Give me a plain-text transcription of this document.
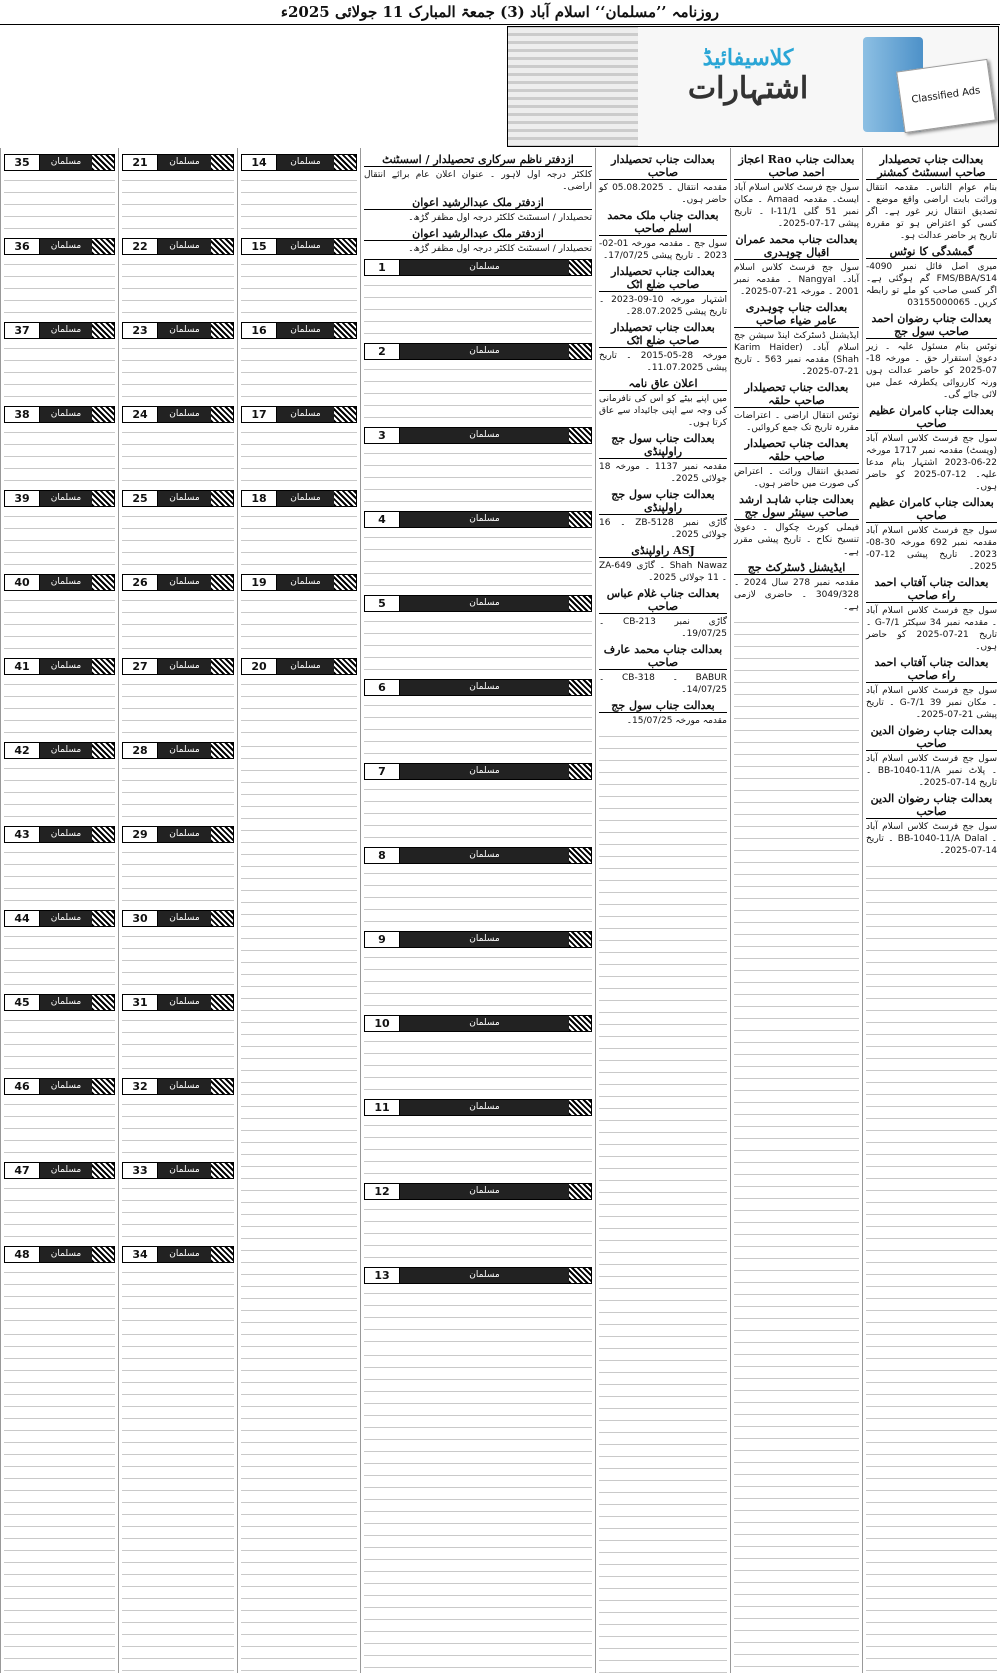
روزنامہ ’’مسلمان‘‘ اسلام آباد (3) جمعۃ المبارک 11 جولائی 2025ء
کلاسیفائیڈ
اشتہارات	Classified Ads
بعدالت جناب تحصیلدار صاحب اسسٹنٹ کمشنر
بنام عوام الناس۔ مقدمہ انتقال وراثت بابت اراضی واقع موضع ۔ تصدیق انتقال زیر غور ہے۔ اگر کسی کو اعتراض ہو تو مقررہ تاریخ پر حاضر عدالت ہو۔
گمشدگی کا نوٹس
میری اصل فائل نمبر 4090-FMS/BBA/S14 گم ہوگئی ہے۔ اگر کسی صاحب کو ملے تو رابطہ کریں۔ 03155000065
بعدالت جناب رضوان احمد صاحب سول جج
نوٹس بنام مسئول علیہ ۔ زیر دعویٰ استقرار حق ۔ مورخہ 18-07-2025 کو حاضر عدالت ہوں ورنہ کارروائی یکطرفہ عمل میں لائی جائے گی۔
بعدالت جناب کامران عظیم صاحب
سول جج فرسٹ کلاس اسلام آباد (ویسٹ) مقدمہ نمبر 1717 مورخہ 22-06-2023 اشتہار بنام مدعا علیہ۔ 12-07-2025 کو حاضر ہوں۔
بعدالت جناب کامران عظیم صاحب
سول جج فرسٹ کلاس اسلام آباد مقدمہ نمبر 692 مورخہ 30-08-2023۔ تاریخ پیشی 12-07-2025۔
بعدالت جناب آفتاب احمد راء صاحب
سول جج فرسٹ کلاس اسلام آباد ۔ مقدمہ نمبر 34 سیکٹر G-7/1 ۔ تاریخ 21-07-2025 کو حاضر ہوں۔
بعدالت جناب آفتاب احمد راء صاحب
سول جج فرسٹ کلاس اسلام آباد ۔ مکان نمبر 39 G-7/1 ۔ تاریخ پیشی 21-07-2025۔
بعدالت جناب رضوان الدین صاحب
سول جج فرسٹ کلاس اسلام آباد ۔ پلاٹ نمبر BB-1040-11/A ۔ تاریخ 14-07-2025۔
بعدالت جناب رضوان الدین صاحب
سول جج فرسٹ کلاس اسلام آباد ۔ BB-1040-11/A Dalal ۔ تاریخ 14-07-2025۔
بعدالت جناب Rao اعجاز احمد صاحب
سول جج فرسٹ کلاس اسلام آباد ایسٹ۔ مقدمہ Amaad ۔ مکان نمبر 51 گلی 11/1-I ۔ تاریخ پیشی 17-07-2025۔
بعدالت جناب محمد عمران اقبال چوہدری
سول جج فرسٹ کلاس اسلام آباد۔ Nangyal ۔ مقدمہ نمبر 2001 ۔ مورخہ 21-07-2025۔
بعدالت جناب چوہدری عامر ضیاء صاحب
ایڈیشنل ڈسٹرکٹ اینڈ سیشن جج اسلام آباد۔ (Karim Haider Shah) مقدمہ نمبر 563 ۔ تاریخ 21-07-2025۔
بعدالت جناب تحصیلدار صاحب حلقہ
نوٹس انتقال اراضی ۔ اعتراضات مقررہ تاریخ تک جمع کروائیں۔
بعدالت جناب تحصیلدار صاحب حلقہ
تصدیق انتقال وراثت ۔ اعتراض کی صورت میں حاضر ہوں۔
بعدالت جناب شاہد ارشد صاحب سینئر سول جج
فیملی کورٹ چکوال ۔ دعویٰ تنسیخ نکاح ۔ تاریخ پیشی مقرر ہے۔
ایڈیشنل ڈسٹرکٹ جج
مقدمہ نمبر 278 سال 2024 ۔ 3049/328 ۔ حاضری لازمی ہے۔
بعدالت جناب تحصیلدار صاحب
مقدمہ انتقال ۔ 05.08.2025 کو حاضر ہوں۔
بعدالت جناب ملک محمد اسلم صاحب
سول جج ۔ مقدمہ مورخہ 01-02-2023 ۔ تاریخ پیشی 17/07/25۔
بعدالت جناب تحصیلدار صاحب ضلع اٹک
اشتہار مورخہ 10-09-2023 ۔ تاریخ پیشی 28.07.2025۔
بعدالت جناب تحصیلدار صاحب ضلع اٹک
مورخہ 28-05-2015 ۔ تاریخ پیشی 11.07.2025۔
اعلان عاق نامہ
میں اپنے بیٹے کو اس کی نافرمانی کی وجہ سے اپنی جائیداد سے عاق کرتا ہوں۔
بعدالت جناب سول جج راولپنڈی
مقدمہ نمبر 1137 ۔ مورخہ 18 جولائی 2025۔
بعدالت جناب سول جج راولپنڈی
گاڑی نمبر ZB-5128 ۔ 16 جولائی 2025۔
ASJ راولپنڈی
Shah Nawaz ۔ گاڑی ZA-649 ۔ 11 جولائی 2025۔
بعدالت جناب غلام عباس صاحب
گاڑی نمبر CB-213 ۔ 19/07/25۔
بعدالت جناب محمد عارف صاحب
BABUR ۔ CB-318 ۔ 14/07/25۔
بعدالت جناب سول جج
مقدمہ مورخہ 15/07/25۔
ازدفتر ناظم سرکاری تحصیلدار / اسسٹنٹ
کلکٹر درجہ اول لاہور ۔ عنوان اعلان عام برائے انتقال اراضی۔
ازدفتر ملک عبدالرشید اعوان
تحصیلدار / اسسٹنٹ کلکٹر درجہ اول مظفر گڑھ۔
ازدفتر ملک عبدالرشید اعوان
تحصیلدار / اسسٹنٹ کلکٹر درجہ اول مظفر گڑھ۔
1	مسلمان
2	مسلمان
3	مسلمان
4	مسلمان
5	مسلمان
6	مسلمان
7	مسلمان
8	مسلمان
9	مسلمان
10	مسلمان
11	مسلمان
12	مسلمان
13	مسلمان
14	مسلمان
15	مسلمان
16	مسلمان
17	مسلمان
18	مسلمان
19	مسلمان
20	مسلمان
21	مسلمان
22	مسلمان
23	مسلمان
24	مسلمان
25	مسلمان
26	مسلمان
27	مسلمان
28	مسلمان
29	مسلمان
30	مسلمان
31	مسلمان
32	مسلمان
33	مسلمان
34	مسلمان
35	مسلمان
36	مسلمان
37	مسلمان
38	مسلمان
39	مسلمان
40	مسلمان
41	مسلمان
42	مسلمان
43	مسلمان
44	مسلمان
45	مسلمان
46	مسلمان
47	مسلمان
48	مسلمان
